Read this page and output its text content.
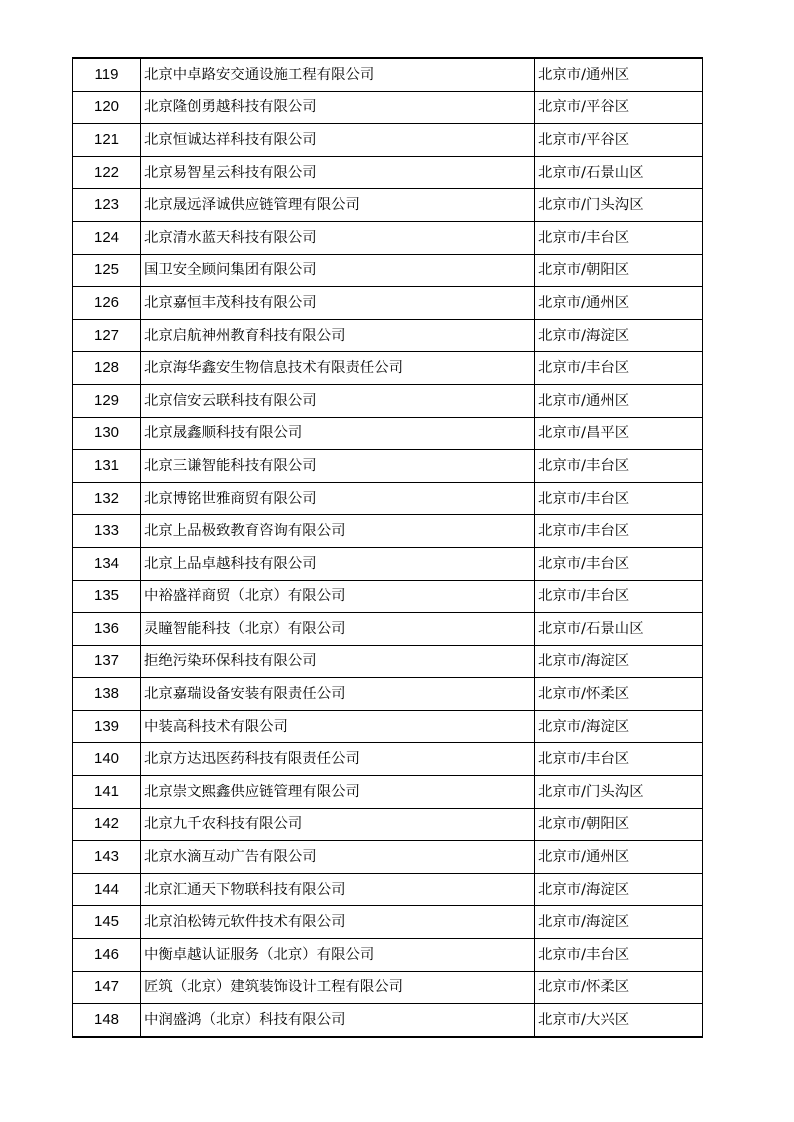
119	北京中卓路安交通设施工程有限公司	北京市/通州区
120	北京隆创勇越科技有限公司	北京市/平谷区
121	北京恒诚达祥科技有限公司	北京市/平谷区
122	北京易智星云科技有限公司	北京市/石景山区
123	北京晟远泽诚供应链管理有限公司	北京市/门头沟区
124	北京清水蓝天科技有限公司	北京市/丰台区
125	国卫安全顾问集团有限公司	北京市/朝阳区
126	北京嘉恒丰茂科技有限公司	北京市/通州区
127	北京启航神州教育科技有限公司	北京市/海淀区
128	北京海华鑫安生物信息技术有限责任公司	北京市/丰台区
129	北京信安云联科技有限公司	北京市/通州区
130	北京晟鑫顺科技有限公司	北京市/昌平区
131	北京三谦智能科技有限公司	北京市/丰台区
132	北京博铭世雅商贸有限公司	北京市/丰台区
133	北京上品极致教育咨询有限公司	北京市/丰台区
134	北京上品卓越科技有限公司	北京市/丰台区
135	中裕盛祥商贸（北京）有限公司	北京市/丰台区
136	灵瞳智能科技（北京）有限公司	北京市/石景山区
137	拒绝污染环保科技有限公司	北京市/海淀区
138	北京嘉瑞设备安装有限责任公司	北京市/怀柔区
139	中装高科技术有限公司	北京市/海淀区
140	北京方达迅医药科技有限责任公司	北京市/丰台区
141	北京崇文熙鑫供应链管理有限公司	北京市/门头沟区
142	北京九千农科技有限公司	北京市/朝阳区
143	北京水滴互动广告有限公司	北京市/通州区
144	北京汇通天下物联科技有限公司	北京市/海淀区
145	北京泊松铸元软件技术有限公司	北京市/海淀区
146	中衡卓越认证服务（北京）有限公司	北京市/丰台区
147	匠筑（北京）建筑装饰设计工程有限公司	北京市/怀柔区
148	中润盛鸿（北京）科技有限公司	北京市/大兴区
